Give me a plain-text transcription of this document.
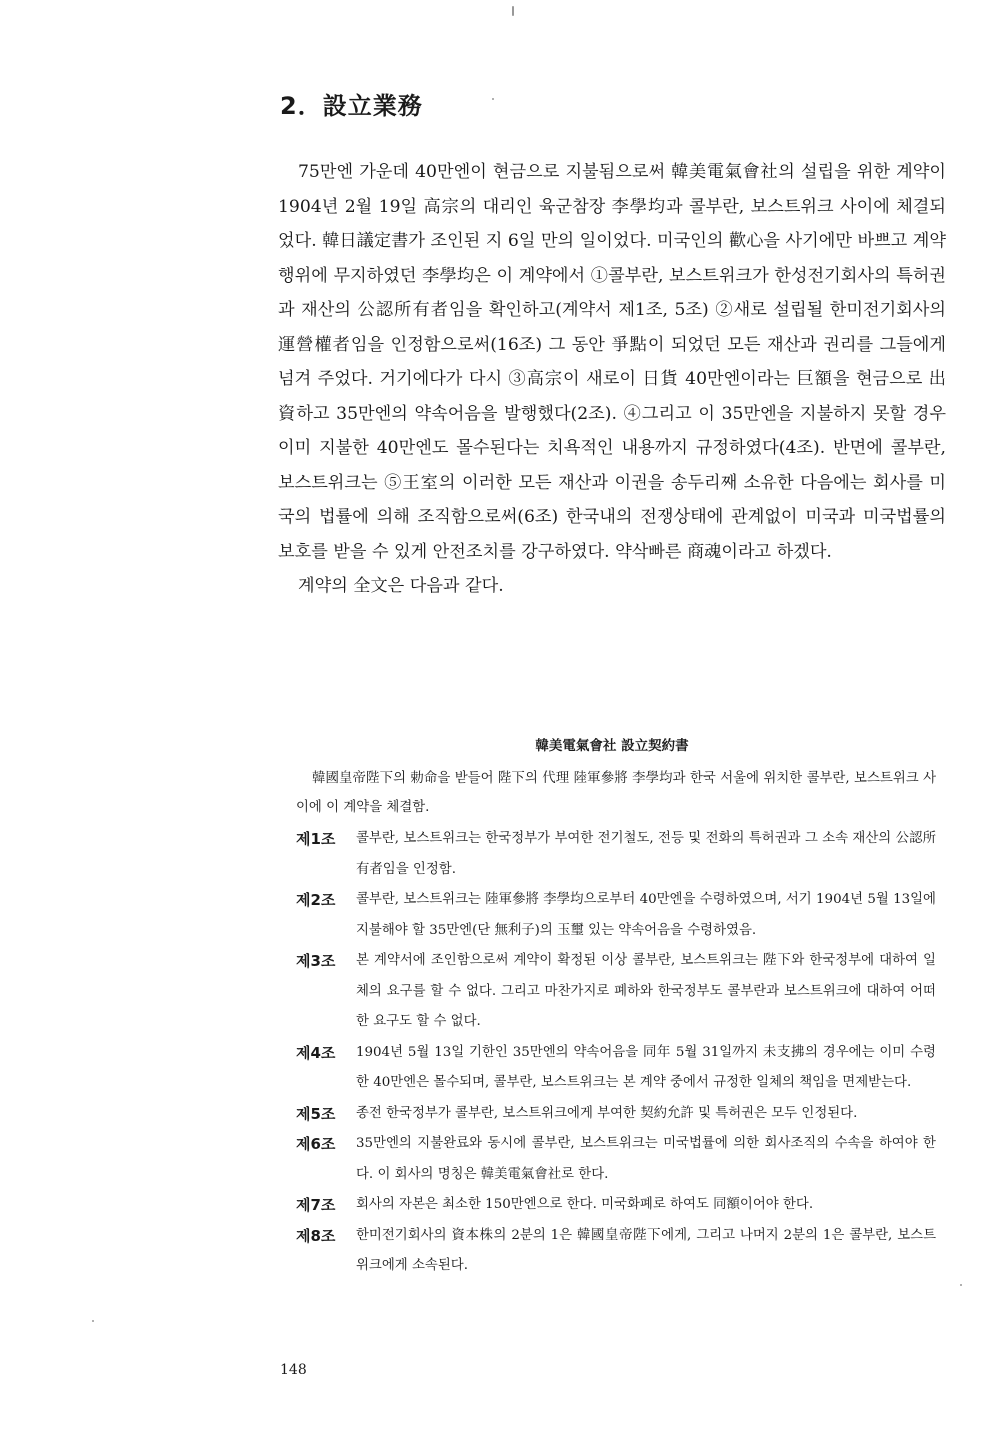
2．設立業務

75만엔 가운데 40만엔이 현금으로 지불됨으로써 韓美電氣會社의 설립을 위한 계약이 1904년 2월 19일 高宗의 대리인 육군참장 李學均과 콜부란, 보스트위크 사이에 체결되었다. 韓日議定書가 조인된 지 6일 만의 일이었다. 미국인의 歡心을 사기에만 바쁘고 계약행위에 무지하였던 李學均은 이 계약에서 ①콜부란, 보스트위크가 한성전기회사의 특허권과 재산의 公認所有者임을 확인하고(계약서 제1조, 5조) ②새로 설립될 한미전기회사의 運營權者임을 인정함으로써(16조) 그 동안 爭點이 되었던 모든 재산과 권리를 그들에게 넘겨 주었다. 거기에다가 다시 ③高宗이 새로이 日貨 40만엔이라는 巨額을 현금으로 出資하고 35만엔의 약속어음을 발행했다(2조). ④그리고 이 35만엔을 지불하지 못할 경우 이미 지불한 40만엔도 몰수된다는 치욕적인 내용까지 규정하였다(4조). 반면에 콜부란, 보스트위크는 ⑤王室의 이러한 모든 재산과 이권을 송두리째 소유한 다음에는 회사를 미국의 법률에 의해 조직함으로써(6조) 한국내의 전쟁상태에 관계없이 미국과 미국법률의 보호를 받을 수 있게 안전조치를 강구하였다. 약삭빠른 商魂이라고 하겠다.

계약의 全文은 다음과 같다.

韓美電氣會社 設立契約書

韓國皇帝陛下의 勅命을 받들어 陛下의 代理 陸軍參將 李學均과 한국 서울에 위치한 콜부란, 보스트위크 사이에 이 계약을 체결함.

제1조	콜부란, 보스트위크는 한국정부가 부여한 전기철도, 전등 및 전화의 특허권과 그 소속 재산의 公認所有者임을 인정함.
제2조	콜부란, 보스트위크는 陸軍參將 李學均으로부터 40만엔을 수령하였으며, 서기 1904년 5월 13일에 지불해야 할 35만엔(단 無利子)의 玉璽 있는 약속어음을 수령하였음.
제3조	본 계약서에 조인함으로써 계약이 확정된 이상 콜부란, 보스트위크는 陛下와 한국정부에 대하여 일체의 요구를 할 수 없다. 그리고 마찬가지로 폐하와 한국정부도 콜부란과 보스트위크에 대하여 어떠한 요구도 할 수 없다.
제4조	1904년 5월 13일 기한인 35만엔의 약속어음을 同年 5월 31일까지 未支拂의 경우에는 이미 수령한 40만엔은 몰수되며, 콜부란, 보스트위크는 본 계약 중에서 규정한 일체의 책임을 면제받는다.
제5조	종전 한국정부가 콜부란, 보스트위크에게 부여한 契約允許 및 특허권은 모두 인정된다.
제6조	35만엔의 지불완료와 동시에 콜부란, 보스트위크는 미국법률에 의한 회사조직의 수속을 하여야 한다. 이 회사의 명칭은 韓美電氣會社로 한다.
제7조	회사의 자본은 최소한 150만엔으로 한다. 미국화폐로 하여도 同額이어야 한다.
제8조	한미전기회사의 資本株의 2분의 1은 韓國皇帝陛下에게, 그리고 나머지 2분의 1은 콜부란, 보스트위크에게 소속된다.
148
